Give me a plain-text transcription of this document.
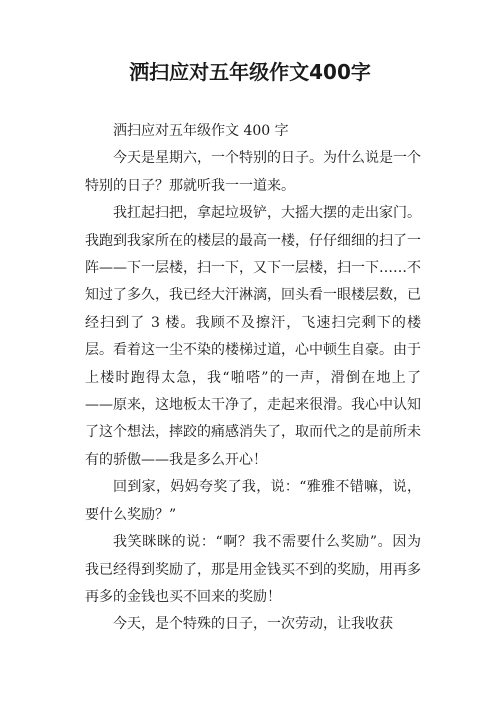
洒扫应对五年级作文400字

洒扫应对五年级作文 400 字

今天是星期六，一个特别的日子。为什么说是一个特别的日子？那就听我一一道来。

我扛起扫把，拿起垃圾铲，大摇大摆的走出家门。我跑到我家所在的楼层的最高一楼，仔仔细细的扫了一阵——下一层楼，扫一下，又下一层楼，扫一下……不知过了多久，我已经大汗淋漓，回头看一眼楼层数，已经扫到了 3 楼。我顾不及擦汗，飞速扫完剩下的楼层。看着这一尘不染的楼梯过道，心中顿生自豪。由于上楼时跑得太急，我“啪嗒”的一声，滑倒在地上了——原来，这地板太干净了，走起来很滑。我心中认知了这个想法，摔跤的痛感消失了，取而代之的是前所未有的骄傲——我是多么开心！

回到家，妈妈夸奖了我，说：“雅雅不错嘛，说，要什么奖励？”

我笑眯眯的说：“啊？我不需要什么奖励”。因为我已经得到奖励了，那是用金钱买不到的奖励，用再多再多的金钱也买不回来的奖励！

今天，是个特殊的日子，一次劳动，让我收获
